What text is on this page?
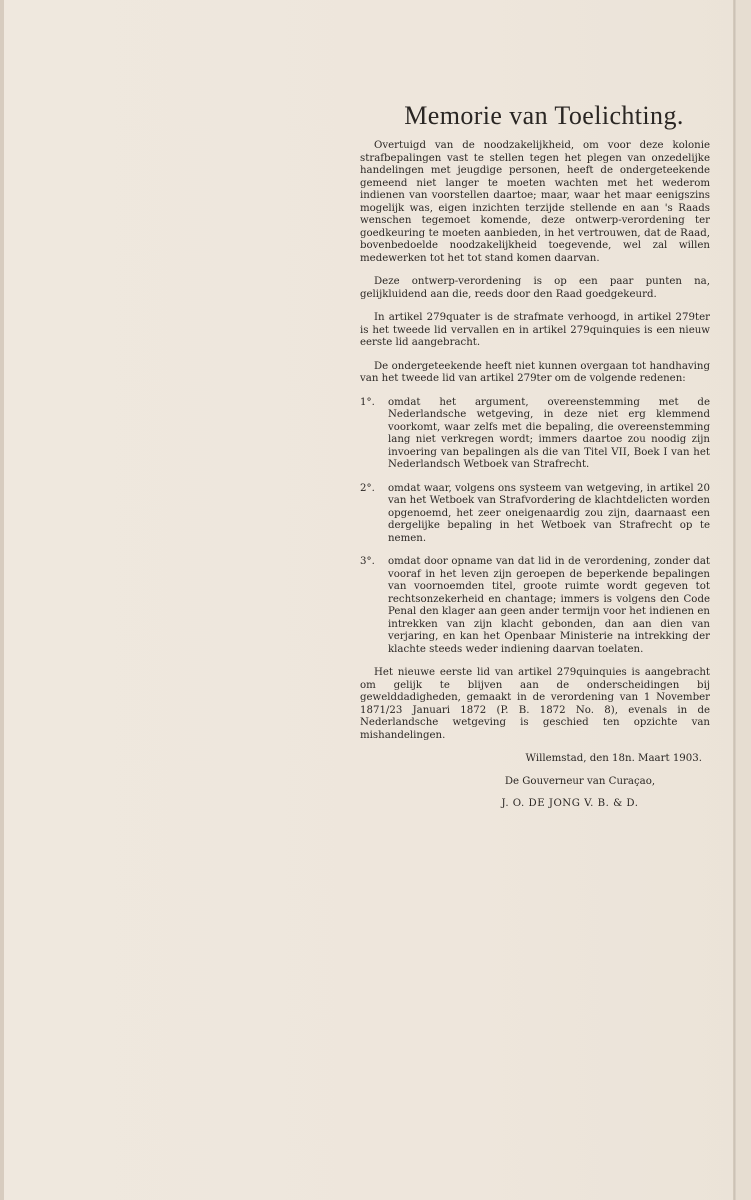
Memorie van Toelichting.

Overtuigd van de noodzakelijkheid, om voor deze kolonie strafbepalingen vast te stellen tegen het plegen van onzedelijke handelingen met jeugdige personen, heeft de ondergeteekende gemeend niet langer te moeten wachten met het wederom indienen van voorstellen daartoe; maar, waar het maar eenigszins mogelijk was, eigen inzichten terzijde stellende en aan 's Raads wenschen tegemoet komende, deze ontwerp-verordening ter goedkeuring te moeten aanbieden, in het vertrouwen, dat de Raad, bovenbedoelde noodzakelijkheid toegevende, wel zal willen medewerken tot het tot stand komen daarvan.

Deze ontwerp-verordening is op een paar punten na, gelijkluidend aan die, reeds door den Raad goedgekeurd.

In artikel 279quater is de strafmate verhoogd, in artikel 279ter is het tweede lid vervallen en in artikel 279quinquies is een nieuw eerste lid aangebracht.

De ondergeteekende heeft niet kunnen overgaan tot handhaving van het tweede lid van artikel 279ter om de volgende redenen:

1°. omdat het argument, overeenstemming met de Nederlandsche wetgeving, in deze niet erg klemmend voorkomt, waar zelfs met die bepaling, die overeenstemming lang niet verkregen wordt; immers daartoe zou noodig zijn invoering van bepalingen als die van Titel VII, Boek I van het Nederlandsch Wetboek van Strafrecht.
2°. omdat waar, volgens ons systeem van wetgeving, in artikel 20 van het Wetboek van Strafvordering de klachtdelicten worden opgenoemd, het zeer oneigenaardig zou zijn, daarnaast een dergelijke bepaling in het Wetboek van Strafrecht op te nemen.
3°. omdat door opname van dat lid in de verordening, zonder dat vooraf in het leven zijn geroepen de beperkende bepalingen van voornoemden titel, groote ruimte wordt gegeven tot rechtsonzekerheid en chantage; immers is volgens den Code Penal den klager aan geen ander termijn voor het indienen en intrekken van zijn klacht gebonden, dan aan dien van verjaring, en kan het Openbaar Ministerie na intrekking der klachte steeds weder indiening daarvan toelaten.

Het nieuwe eerste lid van artikel 279quinquies is aangebracht om gelijk te blijven aan de onderscheidingen bij gewelddadigheden, gemaakt in de verordening van 1 November 1871/23 Januari 1872 (P. B. 1872 No. 8), evenals in de Nederlandsche wetgeving is geschied ten opzichte van mishandelingen.

Willemstad, den 18n. Maart 1903.
De Gouverneur van Curaçao,
J. O. DE JONG V. B. & D.
